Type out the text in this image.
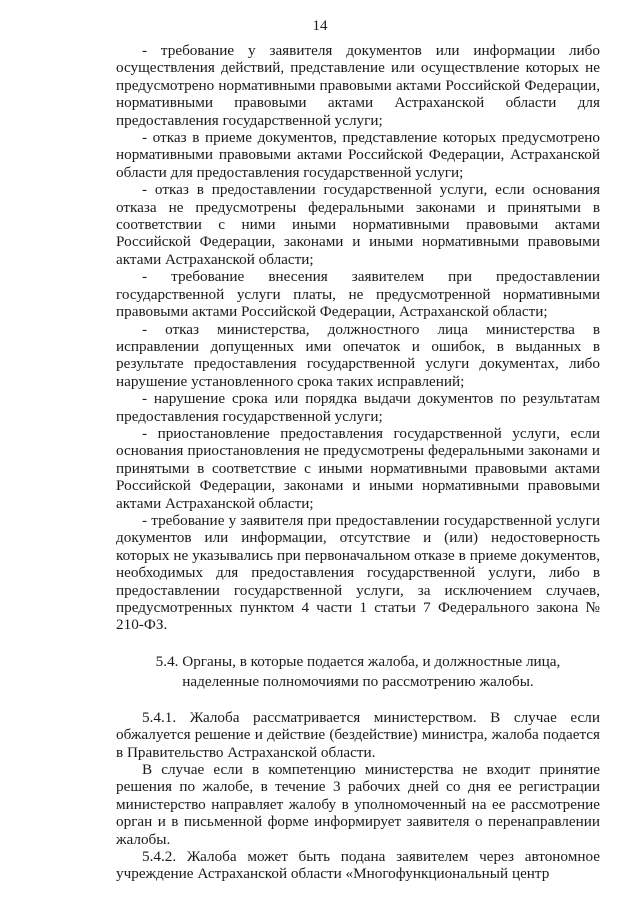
14

- требование у заявителя документов или информации либо осуществления действий, представление или осуществление которых не предусмотрено нормативными правовыми актами Российской Федерации, нормативными правовыми актами Астраханской области для предоставления государственной услуги;

- отказ в приеме документов, представление которых предусмотрено нормативными правовыми актами Российской Федерации, Астраханской области для предоставления государственной услуги;

- отказ в предоставлении государственной услуги, если основания отказа не предусмотрены федеральными законами и принятыми в соответствии с ними иными нормативными правовыми актами Российской Федерации, законами и иными нормативными правовыми актами Астраханской области;

- требование внесения заявителем при предоставлении государственной услуги платы, не предусмотренной нормативными правовыми актами Российской Федерации, Астраханской области;

- отказ министерства, должностного лица министерства в исправлении допущенных ими опечаток и ошибок, в выданных в результате предоставления государственной услуги документах, либо нарушение установленного срока таких исправлений;

- нарушение срока или порядка выдачи документов по результатам предоставления государственной услуги;

- приостановление предоставления государственной услуги, если основания приостановления не предусмотрены федеральными законами и принятыми в соответствие с иными нормативными правовыми актами Российской Федерации, законами и иными нормативными правовыми актами Астраханской области;

- требование у заявителя при предоставлении государственной услуги документов или информации, отсутствие и (или) недостоверность которых не указывались при первоначальном отказе в приеме документов, необходимых для предоставления государственной услуги, либо в предоставлении государственной услуги, за исключением случаев, предусмотренных пунктом 4 части 1 статьи 7 Федерального закона № 210-ФЗ.

5.4. Органы, в которые подается жалоба, и должностные лица, наделенные полномочиями по рассмотрению жалобы.

5.4.1. Жалоба рассматривается министерством. В случае если обжалуется решение и действие (бездействие) министра, жалоба подается в Правительство Астраханской области.

В случае если в компетенцию министерства не входит принятие решения по жалобе, в течение 3 рабочих дней со дня ее регистрации министерство направляет жалобу в уполномоченный на ее рассмотрение орган и в письменной форме информирует заявителя о перенаправлении жалобы.

5.4.2. Жалоба может быть подана заявителем через автономное учреждение Астраханской области «Многофункциональный центр
